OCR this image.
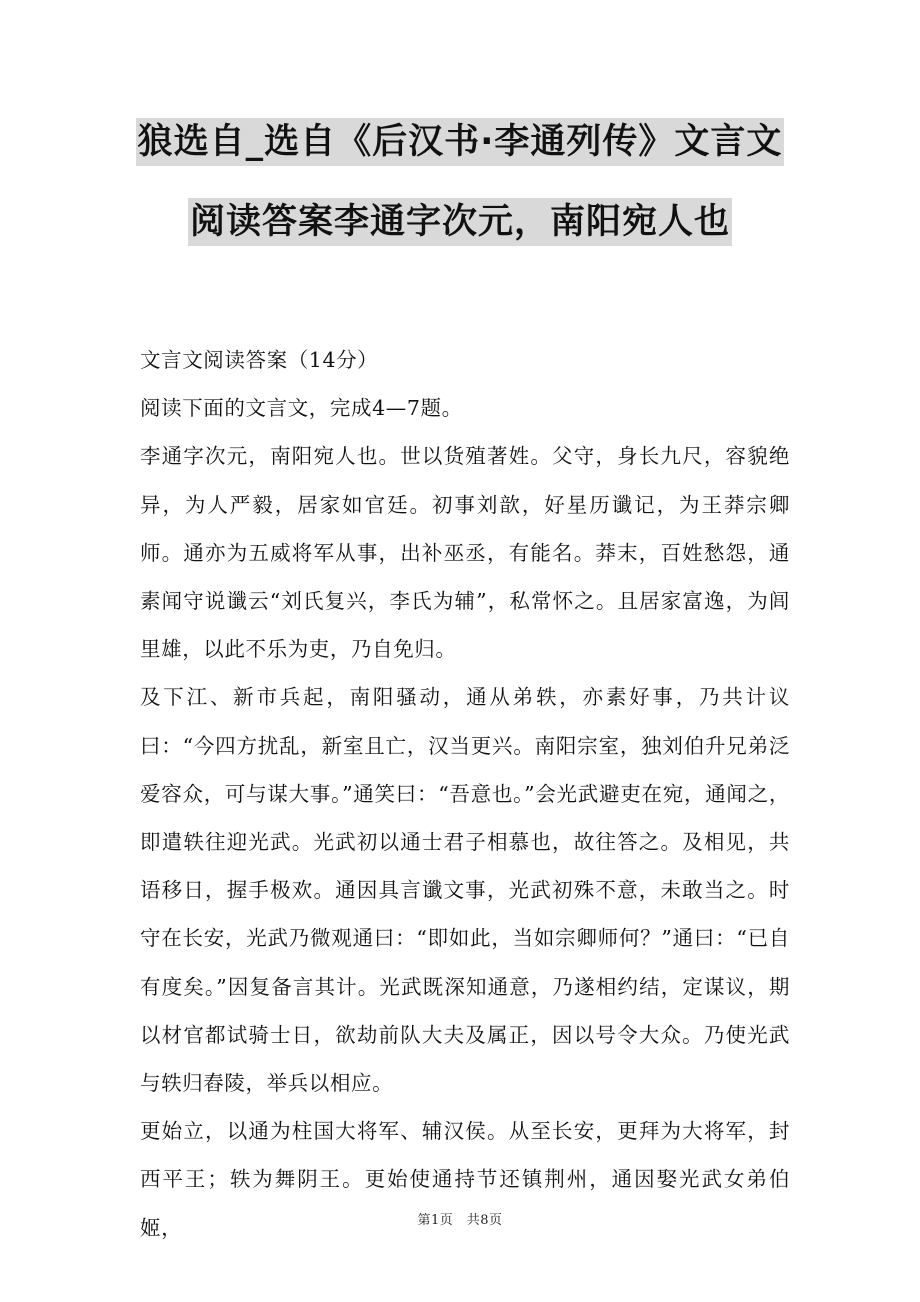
狼选自_选自《后汉书·李通列传》文言文
阅读答案李通字次元，南阳宛人也

文言文阅读答案（14分）

阅读下面的文言文，完成4—7题。

李通字次元，南阳宛人也。世以货殖著姓。父守，身长九尺，容貌绝异，为人严毅，居家如官廷。初事刘歆，好星历谶记，为王莽宗卿师。通亦为五威将军从事，出补巫丞，有能名。莽末，百姓愁怨，通素闻守说谶云“刘氏复兴，李氏为辅”，私常怀之。且居家富逸，为闾里雄，以此不乐为吏，乃自免归。

及下江、新市兵起，南阳骚动，通从弟轶，亦素好事，乃共计议曰：“今四方扰乱，新室且亡，汉当更兴。南阳宗室，独刘伯升兄弟泛爱容众，可与谋大事。”通笑曰：“吾意也。”会光武避吏在宛，通闻之，即遣轶往迎光武。光武初以通士君子相慕也，故往答之。及相见，共语移日，握手极欢。通因具言谶文事，光武初殊不意，未敢当之。时守在长安，光武乃微观通曰：“即如此，当如宗卿师何？”通曰：“已自有度矣。”因复备言其计。光武既深知通意，乃遂相约结，定谋议，期以材官都试骑士日，欲劫前队大夫及属正，因以号令大众。乃使光武与轶归舂陵，举兵以相应。

更始立，以通为柱国大将军、辅汉侯。从至长安，更拜为大将军，封西平王；轶为舞阴王。更始使通持节还镇荆州，通因娶光武女弟伯姬，	第1页　共8页
